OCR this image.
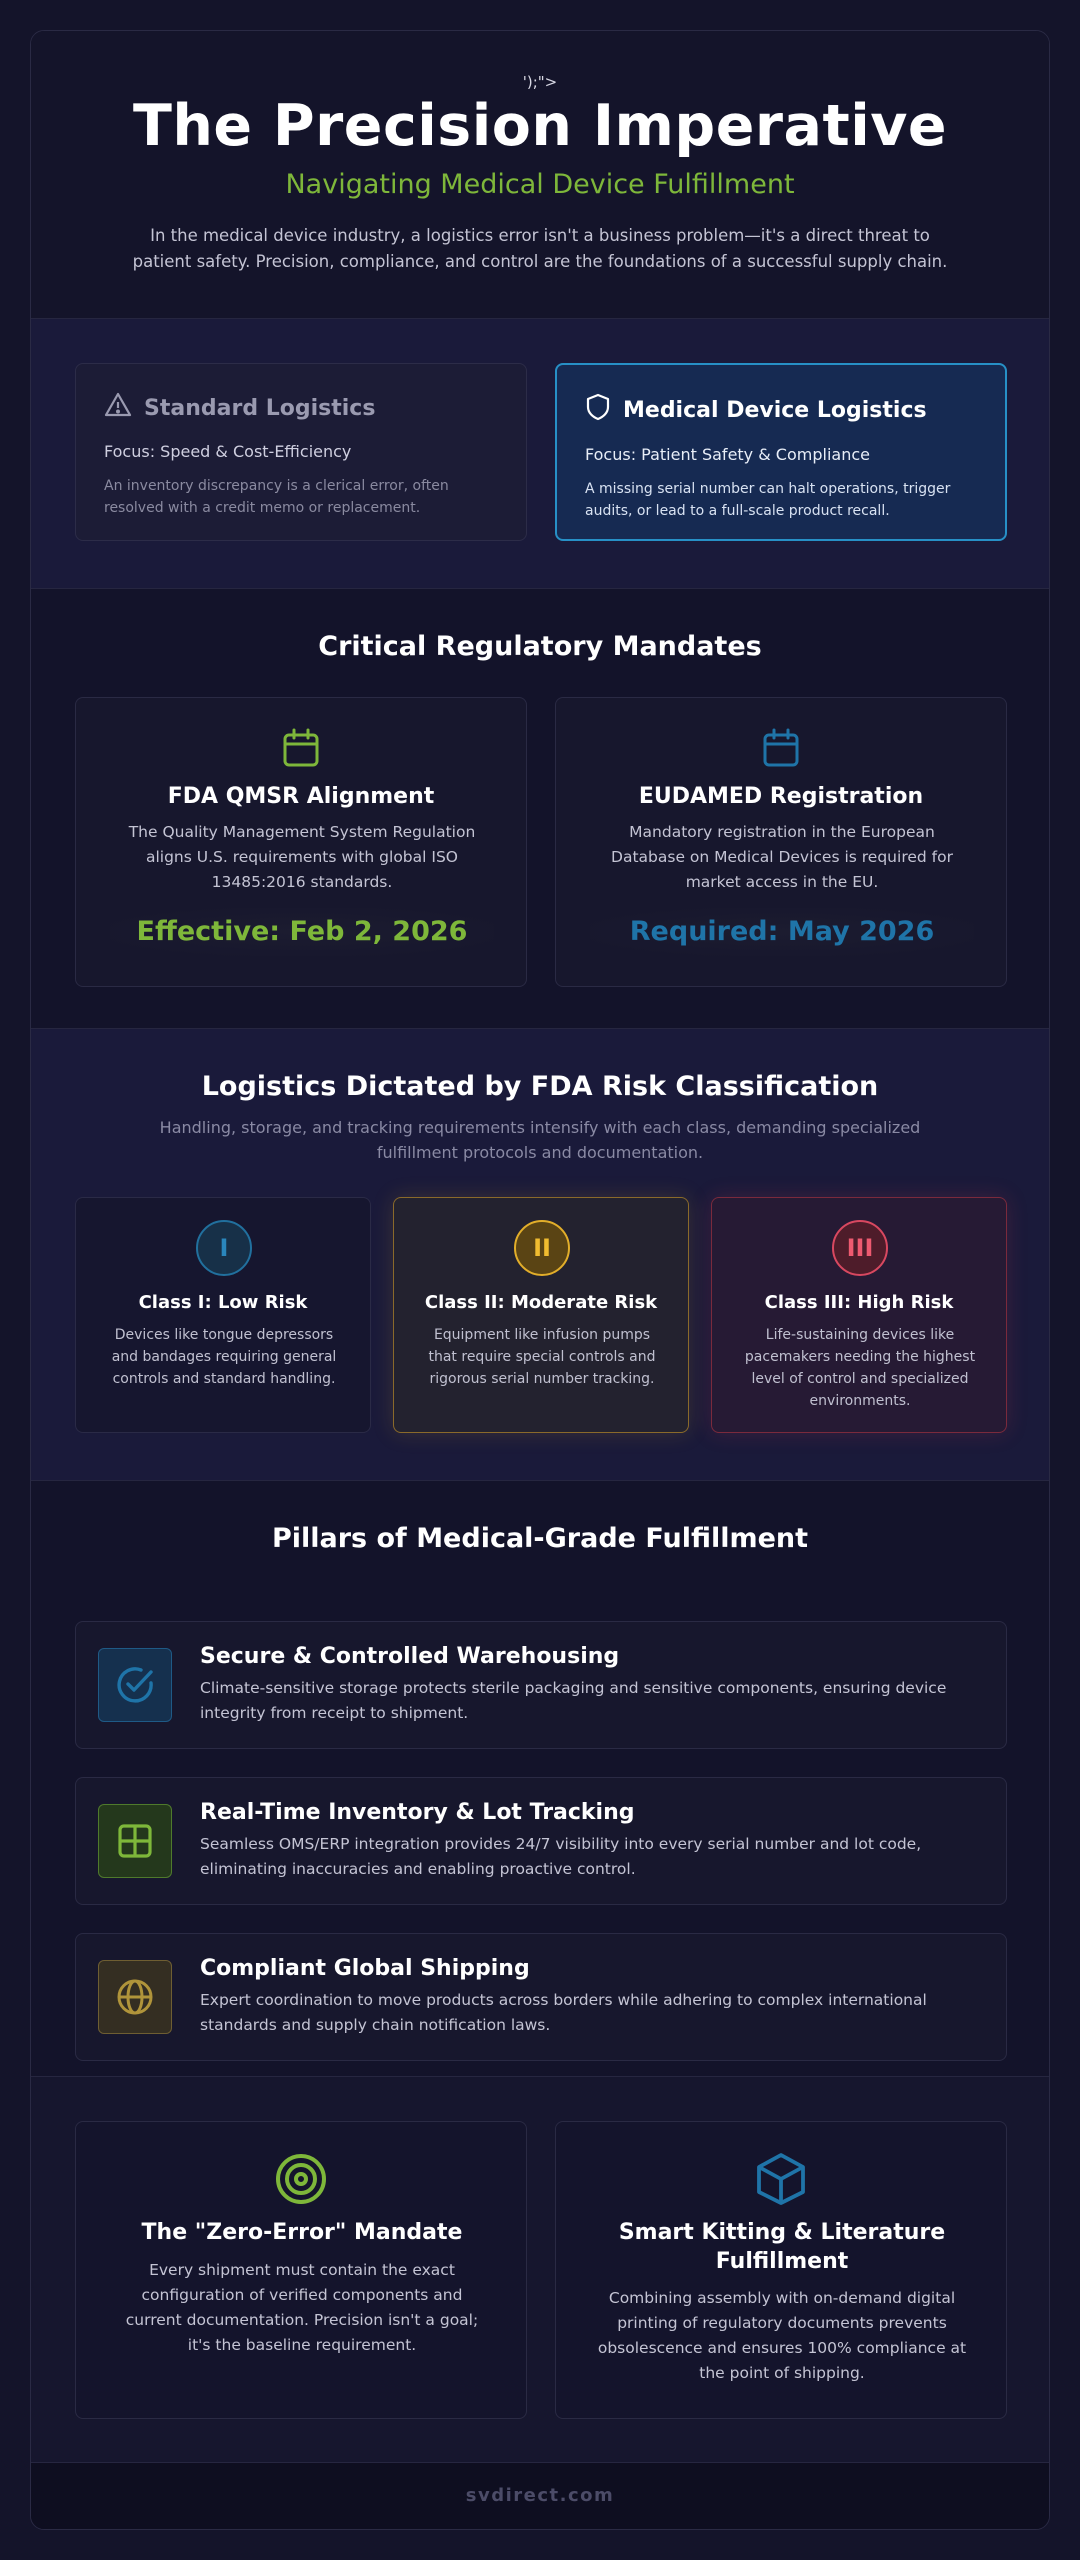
');">
The Precision Imperative
Navigating Medical Device Fulfillment
In the medical device industry, a logistics error isn't a business problem—it's a direct threat to patient safety. Precision, compliance, and control are the foundations of a successful supply chain.
Standard Logistics
Focus: Speed & Cost-Efficiency
An inventory discrepancy is a clerical error, often resolved with a credit memo or replacement.
Medical Device Logistics
Focus: Patient Safety & Compliance
A missing serial number can halt operations, trigger audits, or lead to a full-scale product recall.
Critical Regulatory Mandates
FDA QMSR Alignment
The Quality Management System Regulation aligns U.S. requirements with global ISO 13485:2016 standards.
Effective: Feb 2, 2026
EUDAMED Registration
Mandatory registration in the European Database on Medical Devices is required for market access in the EU.
Required: May 2026
Logistics Dictated by FDA Risk Classification
Handling, storage, and tracking requirements intensify with each class, demanding specialized fulfillment protocols and documentation.
I
Class I: Low Risk
Devices like tongue depressors and bandages requiring general controls and standard handling.
II
Class II: Moderate Risk
Equipment like infusion pumps that require special controls and rigorous serial number tracking.
III
Class III: High Risk
Life-sustaining devices like pacemakers needing the highest level of control and specialized environments.
Pillars of Medical-Grade Fulfillment
Secure & Controlled Warehousing
Climate-sensitive storage protects sterile packaging and sensitive components, ensuring device integrity from receipt to shipment.
Real-Time Inventory & Lot Tracking
Seamless OMS/ERP integration provides 24/7 visibility into every serial number and lot code, eliminating inaccuracies and enabling proactive control.
Compliant Global Shipping
Expert coordination to move products across borders while adhering to complex international standards and supply chain notification laws.
The "Zero-Error" Mandate
Every shipment must contain the exact configuration of verified components and current documentation. Precision isn't a goal; it's the baseline requirement.
Smart Kitting & Literature Fulfillment
Combining assembly with on-demand digital printing of regulatory documents prevents obsolescence and ensures 100% compliance at the point of shipping.
svdirect.com
